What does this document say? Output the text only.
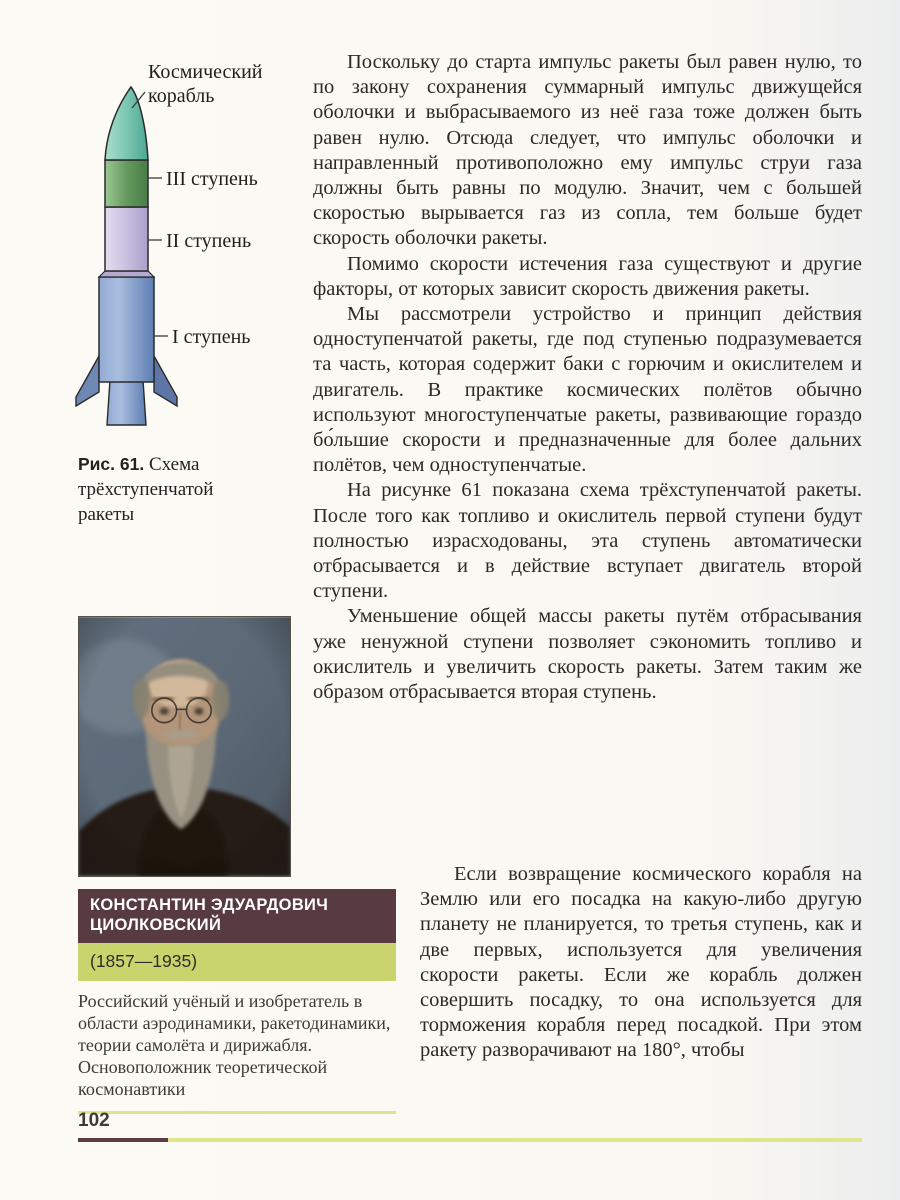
Космический
корабль
III ступень
II ступень
I ступень
Рис. 61. Схема трёхступенчатой ракеты
КОНСТАНТИН ЭДУАРДОВИЧ ЦИОЛКОВСКИЙ
(1857—1935)
Российский учёный и изобретатель в области аэродинамики, ракетодинамики, теории самолёта и дирижабля. Основоположник теоретической космонавтики

Поскольку до старта импульс ракеты был равен нулю, то по закону сохранения суммарный импульс движущейся оболочки и выбрасываемого из неё газа тоже должен быть равен нулю. Отсюда следует, что импульс оболочки и направленный противоположно ему импульс струи газа должны быть равны по модулю. Значит, чем с большей скоростью вырывается газ из сопла, тем больше будет скорость оболочки ракеты.

Помимо скорости истечения газа существуют и другие факторы, от которых зависит скорость движения ракеты.

Мы рассмотрели устройство и принцип действия одноступенчатой ракеты, где под ступенью подразумевается та часть, которая содержит баки с горючим и окислителем и двигатель. В практике космических полётов обычно используют многоступенчатые ракеты, развивающие гораздо бо́льшие скорости и предназначенные для более дальних полётов, чем одноступенчатые.

На рисунке 61 показана схема трёхступенчатой ракеты. После того как топливо и окислитель первой ступени будут полностью израсходованы, эта ступень автоматически отбрасывается и в действие вступает двигатель второй ступени.

Уменьшение общей массы ракеты путём отбрасывания уже ненужной ступени позволяет сэкономить топливо и окислитель и увеличить скорость ракеты. Затем таким же образом отбрасывается вторая ступень.

Если возвращение космического корабля на Землю или его посадка на какую-либо другую планету не планируется, то третья ступень, как и две первых, используется для увеличения скорости ракеты. Если же корабль должен совершить посадку, то она используется для торможения корабля перед посадкой. При этом ракету разворачивают на 180°, чтобы

102
